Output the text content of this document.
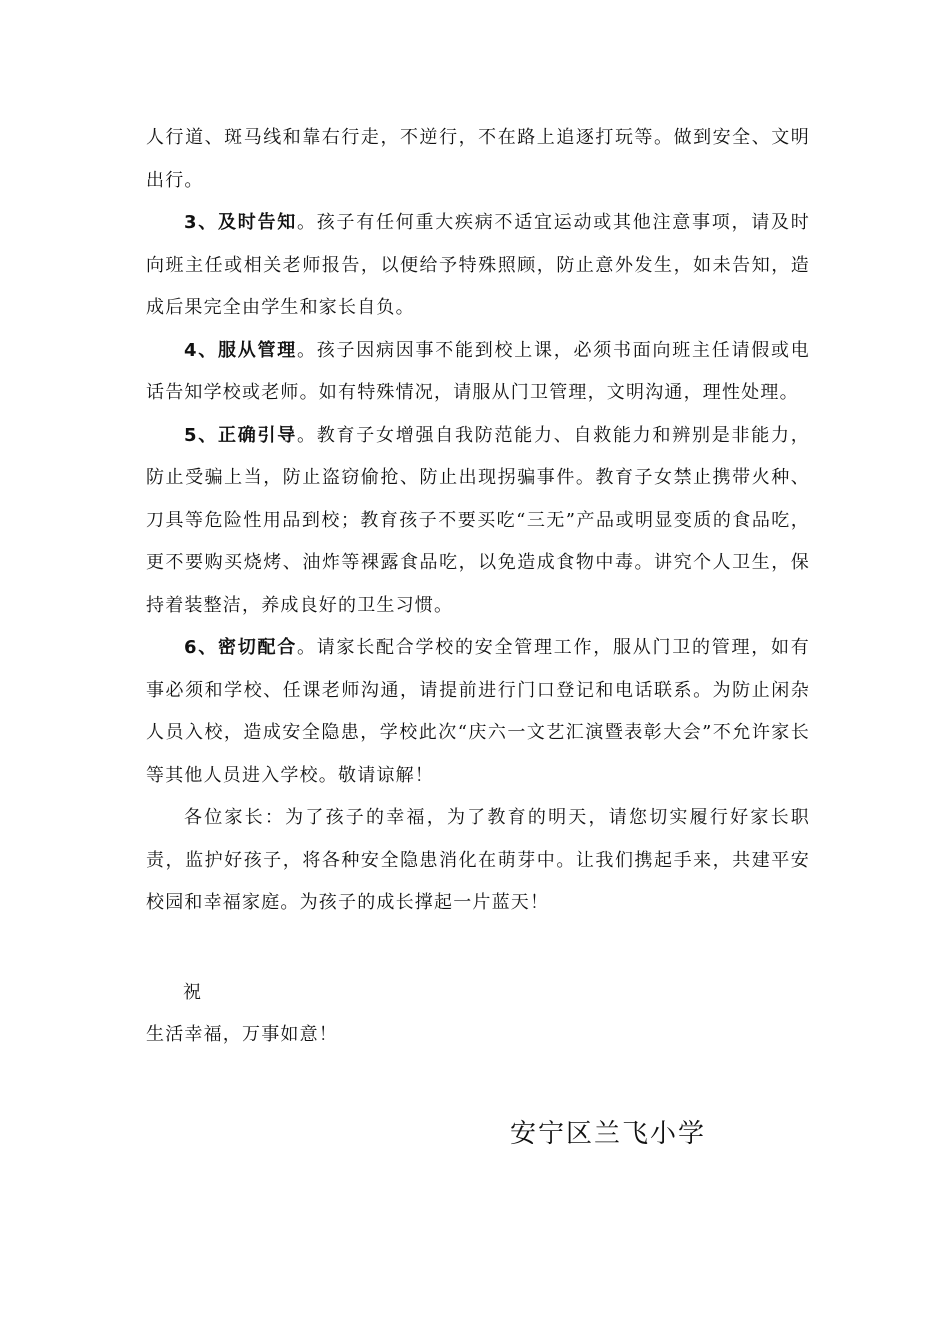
人行道、斑马线和靠右行走，不逆行，不在路上追逐打玩等。做到安全、文明出行。

3、及时告知。孩子有任何重大疾病不适宜运动或其他注意事项，请及时向班主任或相关老师报告，以便给予特殊照顾，防止意外发生，如未告知，造成后果完全由学生和家长自负。

4、服从管理。孩子因病因事不能到校上课，必须书面向班主任请假或电话告知学校或老师。如有特殊情况，请服从门卫管理，文明沟通，理性处理。

5、正确引导。教育子女增强自我防范能力、自救能力和辨别是非能力，防止受骗上当，防止盗窃偷抢、防止出现拐骗事件。教育子女禁止携带火种、刀具等危险性用品到校；教育孩子不要买吃“三无”产品或明显变质的食品吃，更不要购买烧烤、油炸等裸露食品吃，以免造成食物中毒。讲究个人卫生，保持着装整洁，养成良好的卫生习惯。

6、密切配合。请家长配合学校的安全管理工作，服从门卫的管理，如有事必须和学校、任课老师沟通，请提前进行门口登记和电话联系。为防止闲杂人员入校，造成安全隐患，学校此次“庆六一文艺汇演暨表彰大会”不允许家长等其他人员进入学校。敬请谅解！

各位家长：为了孩子的幸福，为了教育的明天，请您切实履行好家长职责，监护好孩子，将各种安全隐患消化在萌芽中。让我们携起手来，共建平安校园和幸福家庭。为孩子的成长撑起一片蓝天！

祝
生活幸福，万事如意！
安宁区兰飞小学
